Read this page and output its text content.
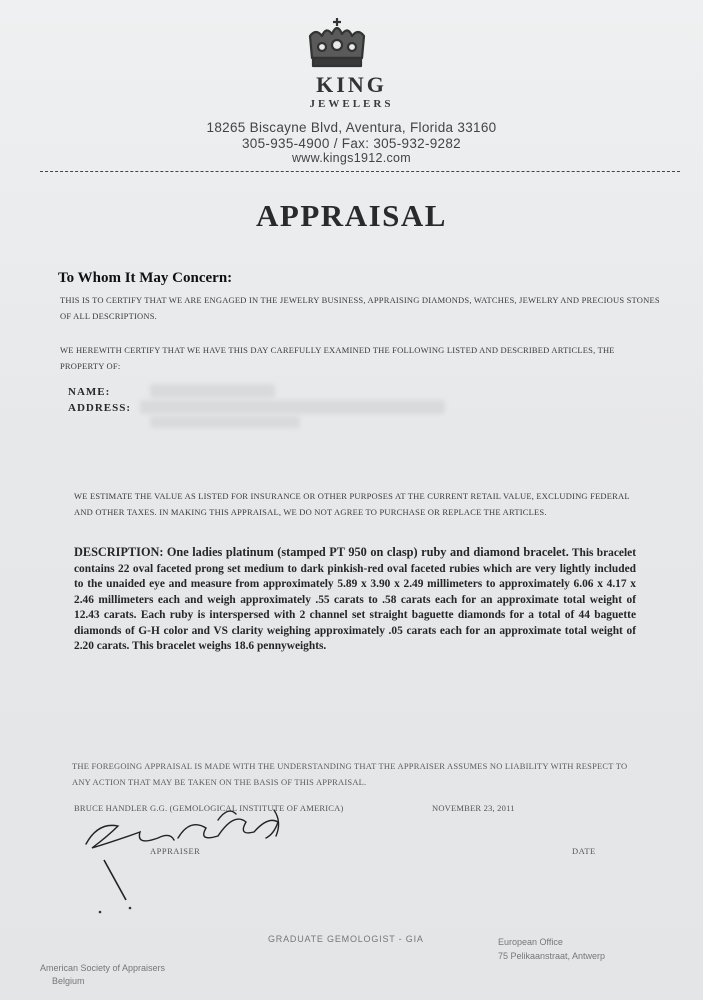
KING
JEWELERS
18265 Biscayne Blvd, Aventura, Florida 33160
305-935-4900 / Fax: 305-932-9282
www.kings1912.com
APPRAISAL
To Whom It May Concern:
THIS IS TO CERTIFY THAT WE ARE ENGAGED IN THE JEWELRY BUSINESS, APPRAISING DIAMONDS, WATCHES, JEWELRY AND PRECIOUS STONES OF ALL DESCRIPTIONS.
WE HEREWITH CERTIFY THAT WE HAVE THIS DAY CAREFULLY EXAMINED THE FOLLOWING LISTED AND DESCRIBED ARTICLES, THE PROPERTY OF:
NAME:
ADDRESS:
WE ESTIMATE THE VALUE AS LISTED FOR INSURANCE OR OTHER PURPOSES AT THE CURRENT RETAIL VALUE, EXCLUDING FEDERAL AND OTHER TAXES. IN MAKING THIS APPRAISAL, WE DO NOT AGREE TO PURCHASE OR REPLACE THE ARTICLES.
DESCRIPTION: One ladies platinum (stamped PT 950 on clasp) ruby and diamond bracelet. This bracelet contains 22 oval faceted prong set medium to dark pinkish-red oval faceted rubies which are very lightly included to the unaided eye and measure from approximately 5.89 x 3.90 x 2.49 millimeters to approximately 6.06 x 4.17 x 2.46 millimeters each and weigh approximately .55 carats to .58 carats each for an approximate total weight of 12.43 carats. Each ruby is interspersed with 2 channel set straight baguette diamonds for a total of 44 baguette diamonds of G-H color and VS clarity weighing approximately .05 carats each for an approximate total weight of 2.20 carats. This bracelet weighs 18.6 pennyweights.
THE FOREGOING APPRAISAL IS MADE WITH THE UNDERSTANDING THAT THE APPRAISER ASSUMES NO LIABILITY WITH RESPECT TO ANY ACTION THAT MAY BE TAKEN ON THE BASIS OF THIS APPRAISAL.
BRUCE HANDLER G.G. (GEMOLOGICAL INSTITUTE OF AMERICA)	NOVEMBER 23, 2011
APPRAISER	DATE
GRADUATE GEMOLOGIST - GIA	European Office
75 Pelikaanstraat, Antwerp
American Society of Appraisers
Belgium
